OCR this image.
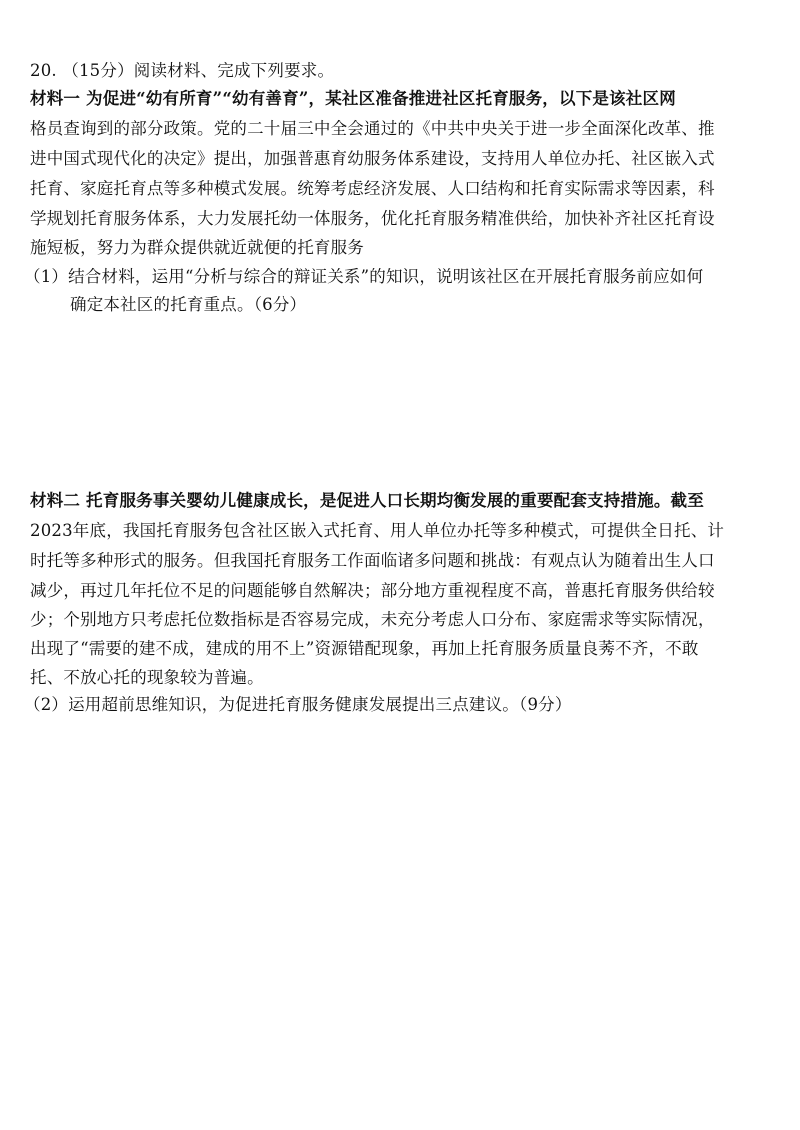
20. （15分）阅读材料、完成下列要求。
材料一 为促进“幼有所育”“幼有善育”，某社区准备推进社区托育服务，以下是该社区网
格员查询到的部分政策。党的二十届三中全会通过的《中共中央关于进一步全面深化改革、推
进中国式现代化的决定》提出，加强普惠育幼服务体系建设，支持用人单位办托、社区嵌入式
托育、家庭托育点等多种模式发展。统筹考虑经济发展、人口结构和托育实际需求等因素，科
学规划托育服务体系，大力发展托幼一体服务，优化托育服务精准供给，加快补齐社区托育设
施短板，努力为群众提供就近就便的托育服务
（1）结合材料，运用“分析与综合的辩证关系”的知识，说明该社区在开展托育服务前应如何
确定本社区的托育重点。（6分）
材料二 托育服务事关婴幼儿健康成长，是促进人口长期均衡发展的重要配套支持措施。截至
2023年底，我国托育服务包含社区嵌入式托育、用人单位办托等多种模式，可提供全日托、计
时托等多种形式的服务。但我国托育服务工作面临诸多问题和挑战：有观点认为随着出生人口
减少，再过几年托位不足的问题能够自然解决；部分地方重视程度不高，普惠托育服务供给较
少；个别地方只考虑托位数指标是否容易完成，未充分考虑人口分布、家庭需求等实际情况，
出现了“需要的建不成，建成的用不上”资源错配现象，再加上托育服务质量良莠不齐，不敢
托、不放心托的现象较为普遍。
（2）运用超前思维知识，为促进托育服务健康发展提出三点建议。（9分）
